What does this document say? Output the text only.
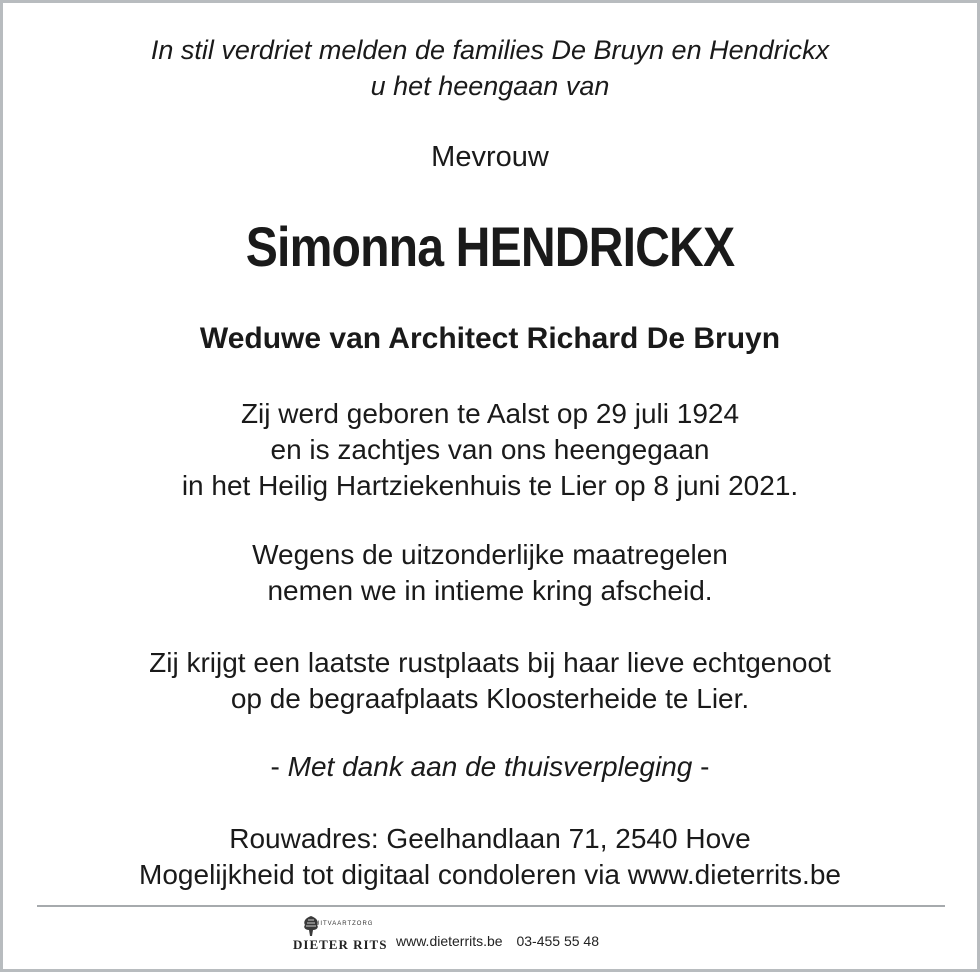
In stil verdriet melden de families De Bruyn en Hendrickx
u het heengaan van
Mevrouw
Simonna HENDRICKX
Weduwe van Architect Richard De Bruyn
Zij werd geboren te Aalst op 29 juli 1924
en is zachtjes van ons heengegaan
in het Heilig Hartziekenhuis te Lier op 8 juni 2021.
Wegens de uitzonderlijke maatregelen
nemen we in intieme kring afscheid.
Zij krijgt een laatste rustplaats bij haar lieve echtgenoot
op de begraafplaats Kloosterheide te Lier.
- Met dank aan de thuisverpleging -
Rouwadres: Geelhandlaan 71, 2540 Hove
Mogelijkheid tot digitaal condoleren via www.dieterrits.be
UITVAARTZORG
DIETER RITS www.dieterrits.be 03-455 55 48
